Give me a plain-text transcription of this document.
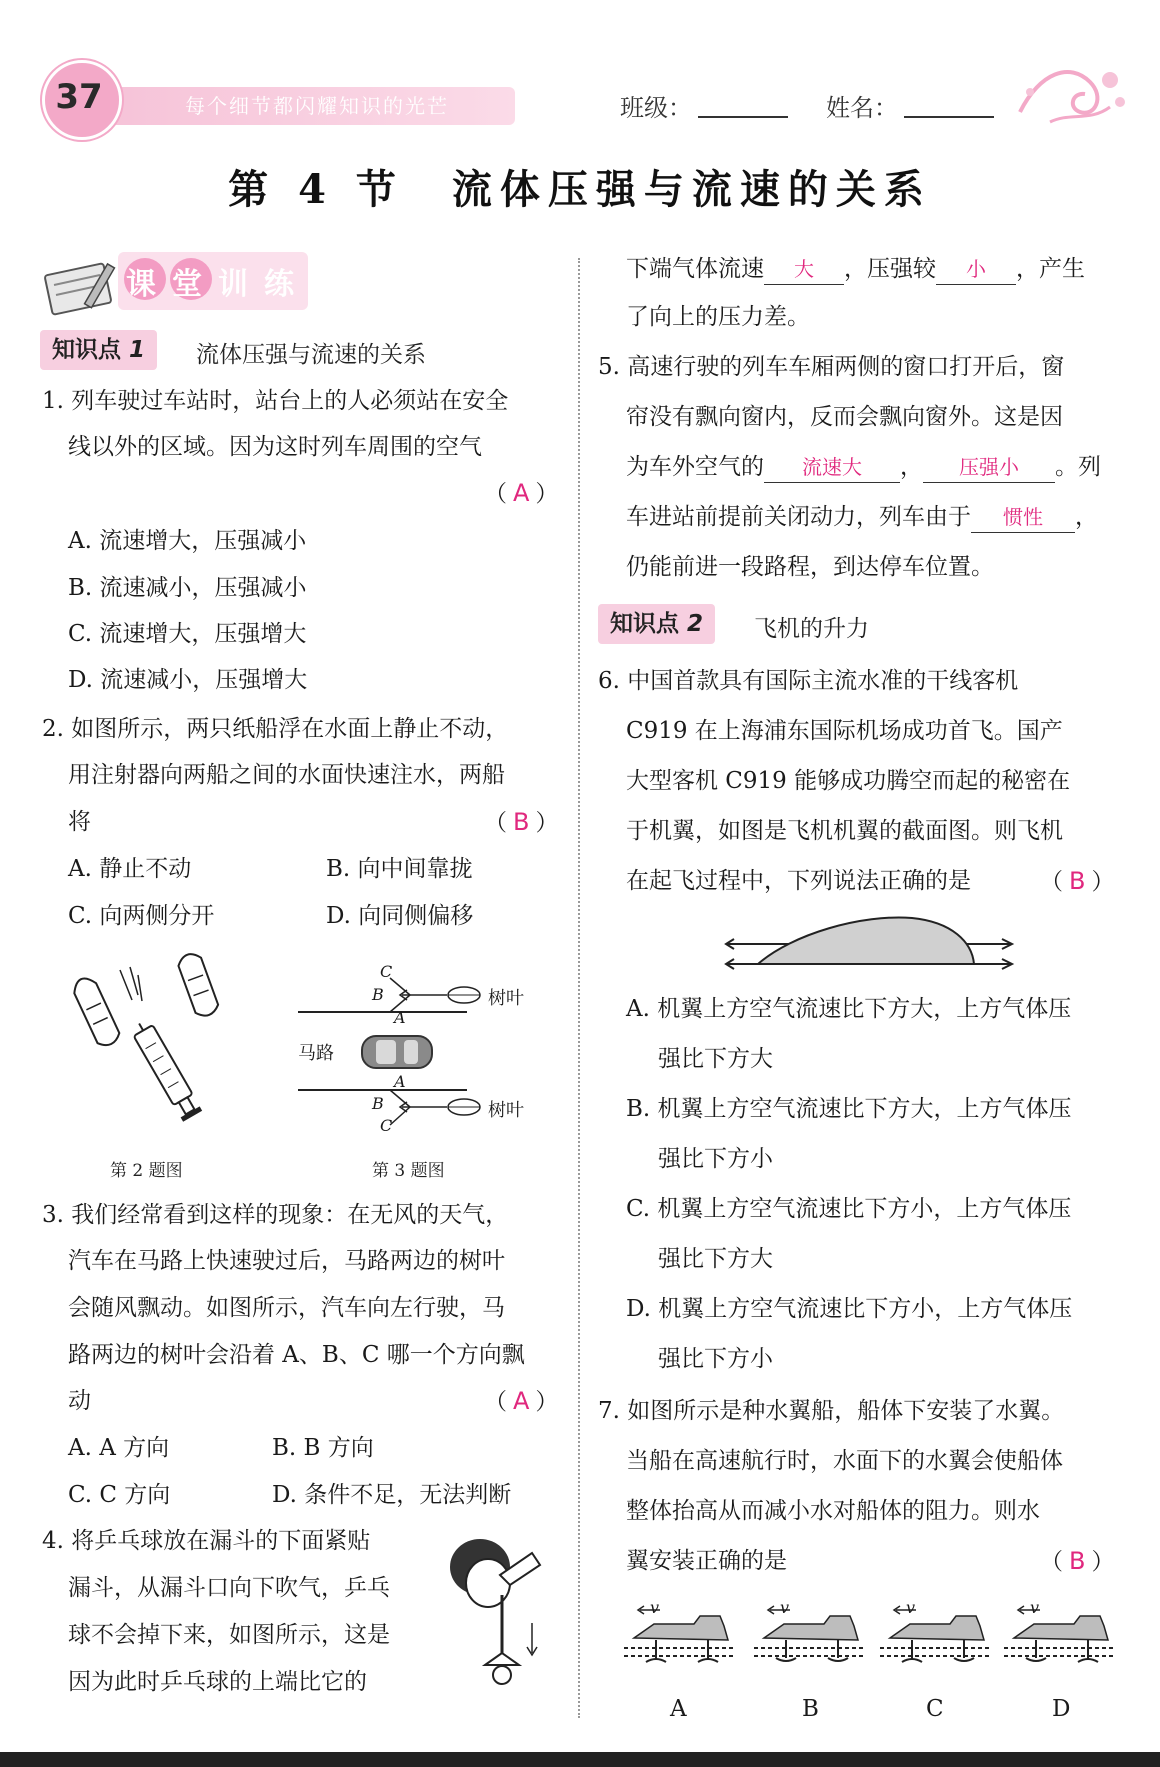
每个细节都闪耀知识的光芒
37	班级：	姓名：
第 4 节　流体压强与流速的关系
课堂训练
知识点 1	流体压强与流速的关系
1. 列车驶过车站时，站台上的人必须站在安全
线以外的区域。因为这时列车周围的空气
（ A ）
A. 流速增大，压强减小
B. 流速减小，压强减小
C. 流速增大，压强增大
D. 流速减小，压强增大
2. 如图所示，两只纸船浮在水面上静止不动，
用注射器向两船之间的水面快速注水，两船
将	（ B ）
A. 静止不动	B. 向中间靠拢
C. 向两侧分开	D. 向同侧偏移
第 2 题图
C
B
A
A
B
C
树叶
树叶
马路
第 3 题图
3. 我们经常看到这样的现象：在无风的天气，
汽车在马路上快速驶过后，马路两边的树叶
会随风飘动。如图所示，汽车向左行驶，马
路两边的树叶会沿着 A、B、C 哪一个方向飘
动	（ A ）
A. A 方向	B. B 方向
C. C 方向	D. 条件不足，无法判断
4. 将乒乓球放在漏斗的下面紧贴
漏斗，从漏斗口向下吹气，乒乓
球不会掉下来，如图所示，这是
因为此时乒乓球的上端比它的
下端气体流速 大 ，压强较 小 ，产生
了向上的压力差。
5. 高速行驶的列车车厢两侧的窗口打开后，窗
帘没有飘向窗内，反而会飘向窗外。这是因
为车外空气的 流速大 ， 压强小 。列
车进站前提前关闭动力，列车由于 惯性 ，
仍能前进一段路程，到达停车位置。
知识点 2	飞机的升力
6. 中国首款具有国际主流水准的干线客机
C919 在上海浦东国际机场成功首飞。国产
大型客机 C919 能够成功腾空而起的秘密在
于机翼，如图是飞机机翼的截面图。则飞机
在起飞过程中，下列说法正确的是	（ B ）
A. 机翼上方空气流速比下方大，上方气体压
强比下方大
B. 机翼上方空气流速比下方大，上方气体压
强比下方小
C. 机翼上方空气流速比下方小，上方气体压
强比下方大
D. 机翼上方空气流速比下方小，上方气体压
强比下方小
7. 如图所示是种水翼船，船体下安装了水翼。
当船在高速航行时，水面下的水翼会使船体
整体抬高从而减小水对船体的阻力。则水
翼安装正确的是	（ B ）
v	v	v	v
A	B	C	D
